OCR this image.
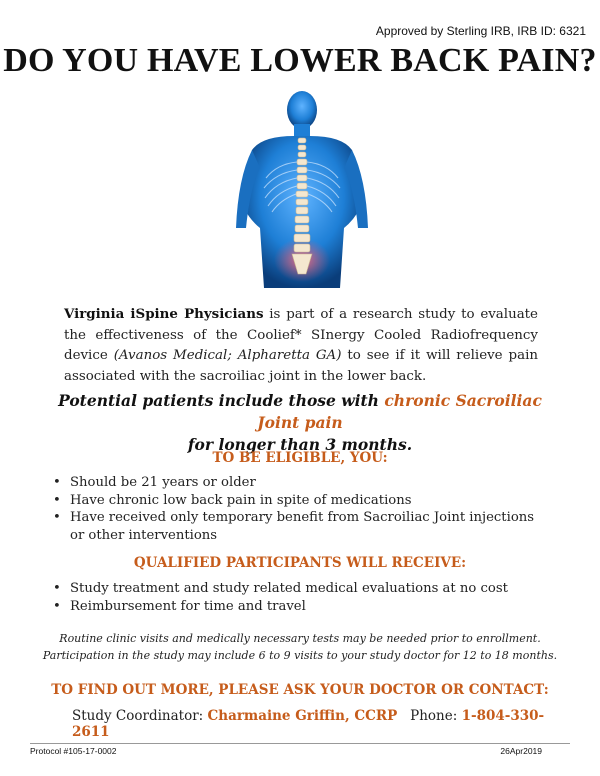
Approved by Sterling IRB, IRB ID: 6321
DO YOU HAVE LOWER BACK PAIN?
Virginia iSpine Physicians is part of a research study to evaluate the effectiveness of the Coolief* SInergy Cooled Radiofrequency device (Avanos Medical; Alpharetta GA) to see if it will relieve pain associated with the sacroiliac joint in the lower back.
Potential patients include those with chronic Sacroiliac Joint pain
for longer than 3 months.
TO BE ELIGIBLE, YOU:
• Should be 21 years or older
• Have chronic low back pain in spite of medications
• Have received only temporary benefit from Sacroiliac Joint injections or other interventions
QUALIFIED PARTICIPANTS WILL RECEIVE:
• Study treatment and study related medical evaluations at no cost
• Reimbursement for time and travel
Routine clinic visits and medically necessary tests may be needed prior to enrollment.
Participation in the study may include 6 to 9 visits to your study doctor for 12 to 18 months.
TO FIND OUT MORE, PLEASE ASK YOUR DOCTOR OR CONTACT:
Study Coordinator: Charmaine Griffin, CCRP Phone: 1-804-330-2611
Protocol #105-17-0002	26Apr2019
